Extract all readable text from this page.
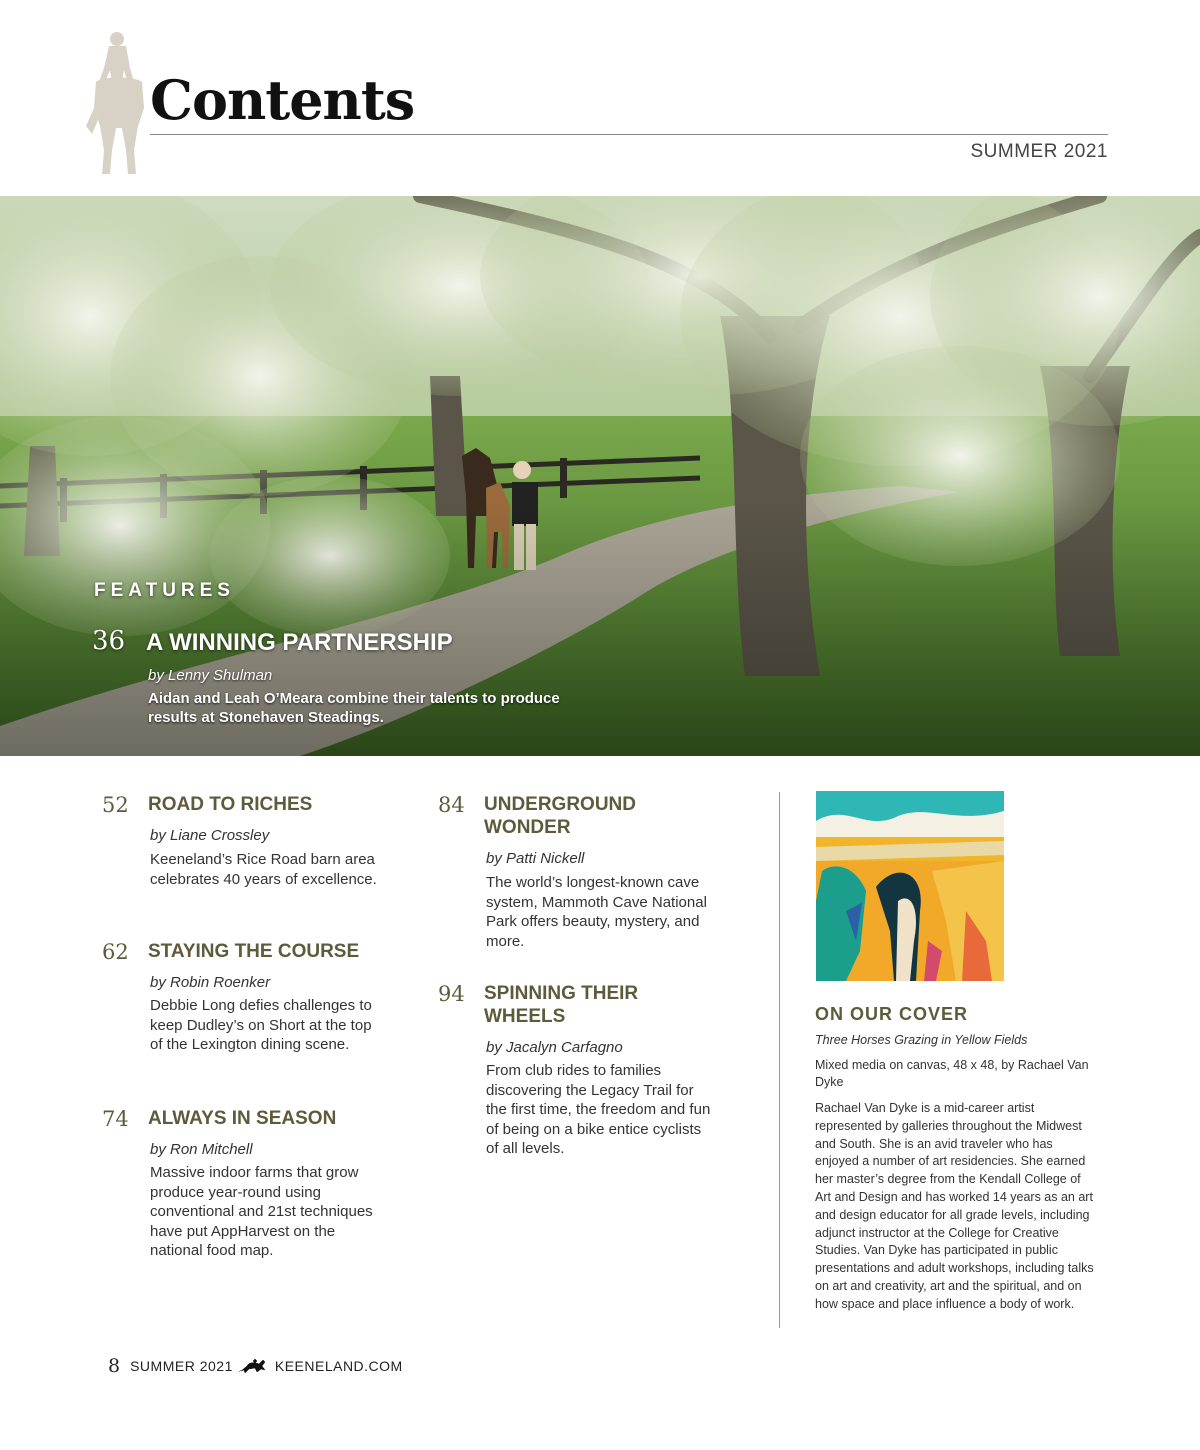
Contents
SUMMER 2021
FEATURES
36 A WINNING PARTNERSHIP
by Lenny Shulman
Aidan and Leah O’Meara combine their talents to produce results at Stonehaven Steadings.
52 ROAD TO RICHES
by Liane Crossley
Keeneland’s Rice Road barn area celebrates 40 years of excellence.
62 STAYING THE COURSE
by Robin Roenker
Debbie Long defies challenges to keep Dudley’s on Short at the top of the Lexington dining scene.
74 ALWAYS IN SEASON
by Ron Mitchell
Massive indoor farms that grow produce year-round using conventional and 21st techniques have put AppHarvest on the national food map.
84 UNDERGROUND WONDER
by Patti Nickell
The world’s longest-known cave system, Mammoth Cave National Park offers beauty, mystery, and more.
94 SPINNING THEIR WHEELS
by Jacalyn Carfagno
From club rides to families discovering the Legacy Trail for the first time, the freedom and fun of being on a bike entice cyclists of all levels.
ON OUR COVER
Three Horses Grazing in Yellow Fields
Mixed media on canvas, 48 x 48, by Rachael Van Dyke
Rachael Van Dyke is a mid-career artist represented by galleries throughout the Midwest and South. She is an avid traveler who has enjoyed a number of art residencies. She earned her master’s degree from the Kendall College of Art and Design and has worked 14 years as an art and design educator for all grade levels, including adjunct instructor at the College for Creative Studies. Van Dyke has participated in public presentations and adult workshops, including talks on art and creativity, art and the spiritual, and on how space and place influence a body of work.
8 SUMMER 2021	KEENELAND.COM
